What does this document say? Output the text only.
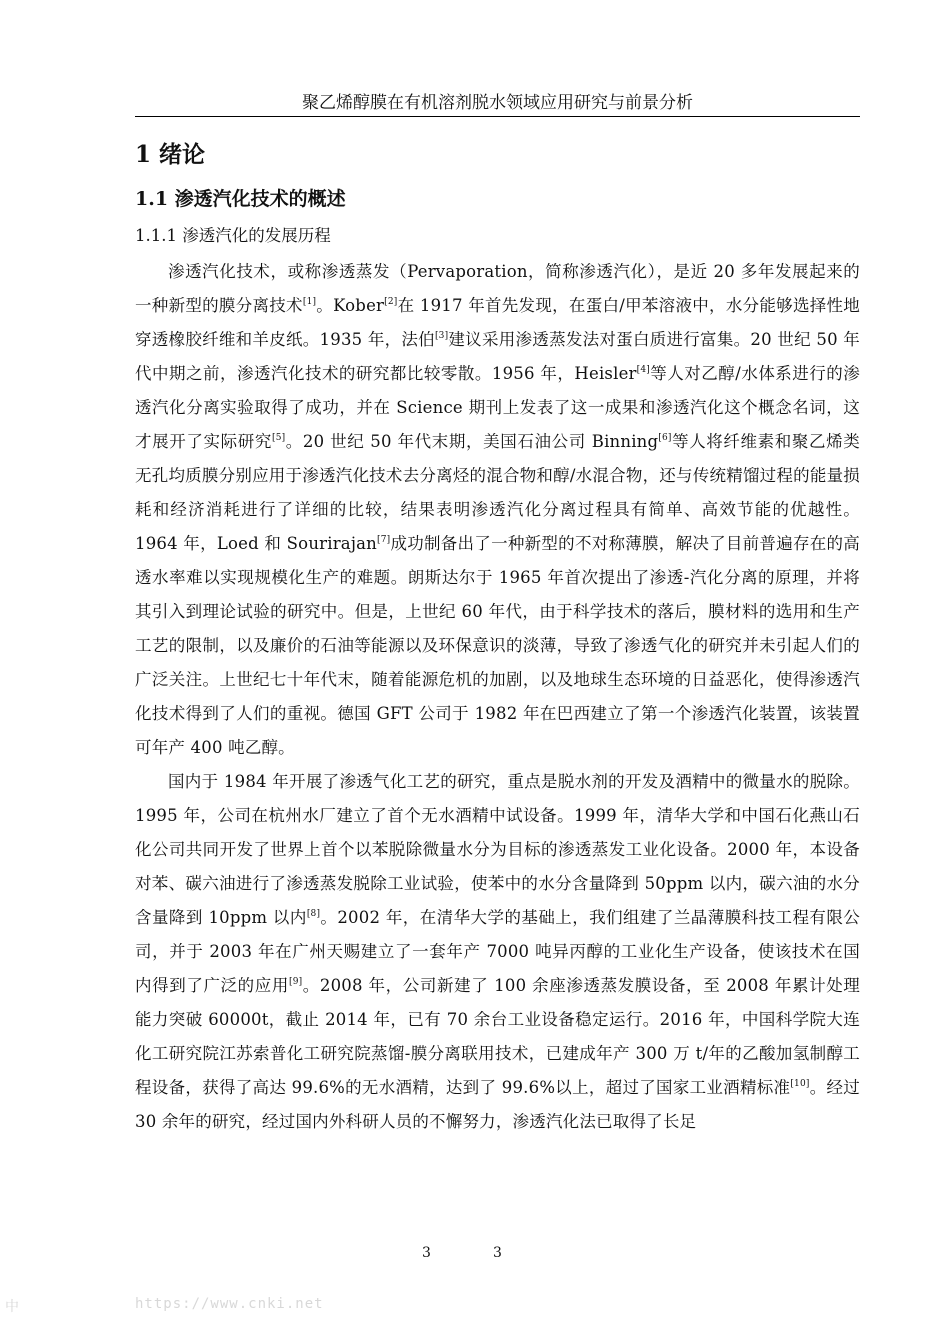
聚乙烯醇膜在有机溶剂脱水领域应用研究与前景分析
1 绪论
1.1 渗透汽化技术的概述
1.1.1 渗透汽化的发展历程

渗透汽化技术，或称渗透蒸发（Pervaporation，简称渗透汽化），是近 20 多年发展起来的一种新型的膜分离技术[1]。Kober[2]在 1917 年首先发现，在蛋白/甲苯溶液中，水分能够选择性地穿透橡胶纤维和羊皮纸。1935 年，法伯[3]建议采用渗透蒸发法对蛋白质进行富集。20 世纪 50 年代中期之前，渗透汽化技术的研究都比较零散。1956 年，Heisler[4]等人对乙醇/水体系进行的渗透汽化分离实验取得了成功，并在 Science 期刊上发表了这一成果和渗透汽化这个概念名词，这才展开了实际研究[5]。20 世纪 50 年代末期，美国石油公司 Binning[6]等人将纤维素和聚乙烯类无孔均质膜分别应用于渗透汽化技术去分离烃的混合物和醇/水混合物，还与传统精馏过程的能量损耗和经济消耗进行了详细的比较，结果表明渗透汽化分离过程具有简单、高效节能的优越性。1964 年，Loed 和 Sourirajan[7]成功制备出了一种新型的不对称薄膜，解决了目前普遍存在的高透水率难以实现规模化生产的难题。朗斯达尔于 1965 年首次提出了渗透-汽化分离的原理，并将其引入到理论试验的研究中。但是，上世纪 60 年代，由于科学技术的落后，膜材料的选用和生产工艺的限制，以及廉价的石油等能源以及环保意识的淡薄，导致了渗透气化的研究并未引起人们的广泛关注。上世纪七十年代末，随着能源危机的加剧，以及地球生态环境的日益恶化，使得渗透汽化技术得到了人们的重视。德国 GFT 公司于 1982 年在巴西建立了第一个渗透汽化装置，该装置可年产 400 吨乙醇。

国内于 1984 年开展了渗透气化工艺的研究，重点是脱水剂的开发及酒精中的微量水的脱除。1995 年，公司在杭州水厂建立了首个无水酒精中试设备。1999 年，清华大学和中国石化燕山石化公司共同开发了世界上首个以苯脱除微量水分为目标的渗透蒸发工业化设备。2000 年，本设备对苯、碳六油进行了渗透蒸发脱除工业试验，使苯中的水分含量降到 50ppm 以内，碳六油的水分含量降到 10ppm 以内[8]。2002 年，在清华大学的基础上，我们组建了兰晶薄膜科技工程有限公司，并于 2003 年在广州天赐建立了一套年产 7000 吨异丙醇的工业化生产设备，使该技术在国内得到了广泛的应用[9]。2008 年，公司新建了 100 余座渗透蒸发膜设备，至 2008 年累计处理能力突破 60000t，截止 2014 年，已有 70 余台工业设备稳定运行。2016 年，中国科学院大连化工研究院江苏索普化工研究院蒸馏-膜分离联用技术，已建成年产 300 万 t/年的乙酸加氢制醇工程设备，获得了高达 99.6%的无水酒精，达到了 99.6%以上，超过了国家工业酒精标准[10]。经过 30 余年的研究，经过国内外科研人员的不懈努力，渗透汽化法已取得了长足

3	3
中	https://www.cnki.net
